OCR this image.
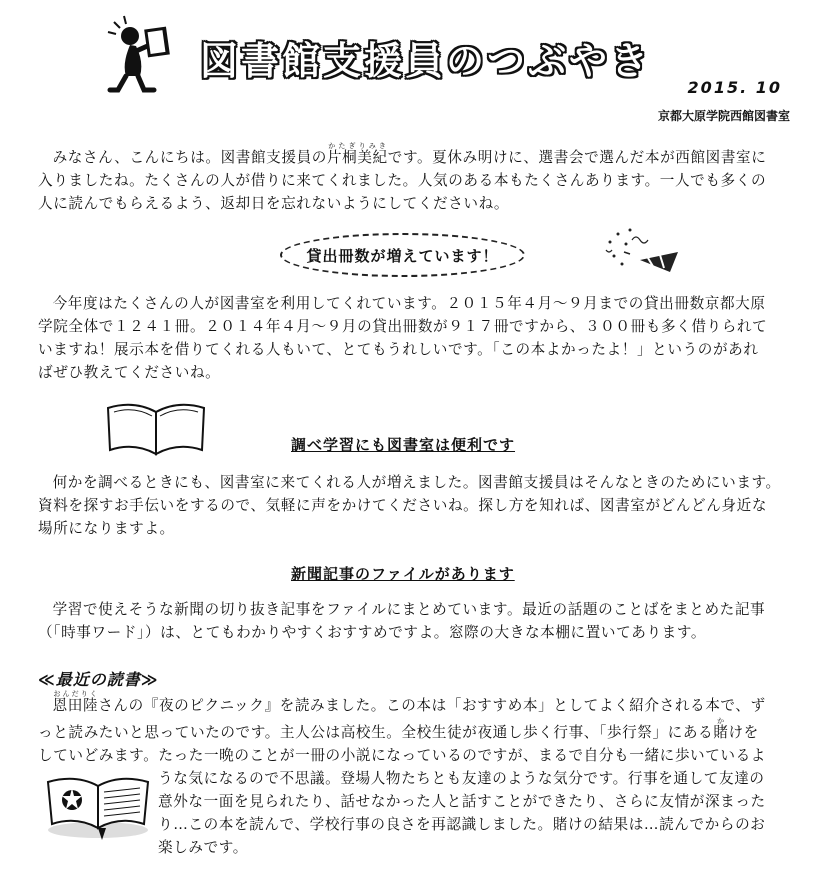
図書館支援員のつぶやき
2015. 10
京都大原学院西館図書室
みなさん、こんにちは。図書館支援員の片桐美紀かたぎりみきです。夏休み明けに、選書会で選んだ本が西館図書室に
入りましたね。たくさんの人が借りに来てくれました。人気のある本もたくさんあります。一人でも多くの
人に読んでもらえるよう、返却日を忘れないようにしてくださいね。
貸出冊数が増えています！
今年度はたくさんの人が図書室を利用してくれています。２０１５年４月～９月までの貸出冊数京都大原
学院全体で１２４１冊。２０１４年４月～９月の貸出冊数が９１７冊ですから、３００冊も多く借りられて
いますね！展示本を借りてくれる人もいて、とてもうれしいです。「この本よかったよ！」というのがあれ
ばぜひ教えてくださいね。
調べ学習にも図書室は便利です
何かを調べるときにも、図書室に来てくれる人が増えました。図書館支援員はそんなときのためにいます。
資料を探すお手伝いをするので、気軽に声をかけてくださいね。探し方を知れば、図書室がどんどん身近な
場所になりますよ。
新聞記事のファイルがあります
学習で使えそうな新聞の切り抜き記事をファイルにまとめています。最近の話題のことばをまとめた記事
（「時事ワード」）は、とてもわかりやすくおすすめですよ。窓際の大きな本棚に置いてあります。
≪最近の読書≫
恩田陸おんだりくさんの『夜のピクニック』を読みました。この本は「おすすめ本」としてよく紹介される本で、ず
っと読みたいと思っていたのです。主人公は高校生。全校生徒が夜通し歩く行事、「歩行祭」にある賭かけを
していどみます。たった一晩のことが一冊の小説になっているのですが、まるで自分も一緒に歩いているよ
うな気になるので不思議。登場人物たちとも友達のような気分です。行事を通して友達の
意外な一面を見られたり、話せなかった人と話すことができたり、さらに友情が深まった
り…この本を読んで、学校行事の良さを再認識しました。賭けの結果は…読んでからのお
楽しみです。
